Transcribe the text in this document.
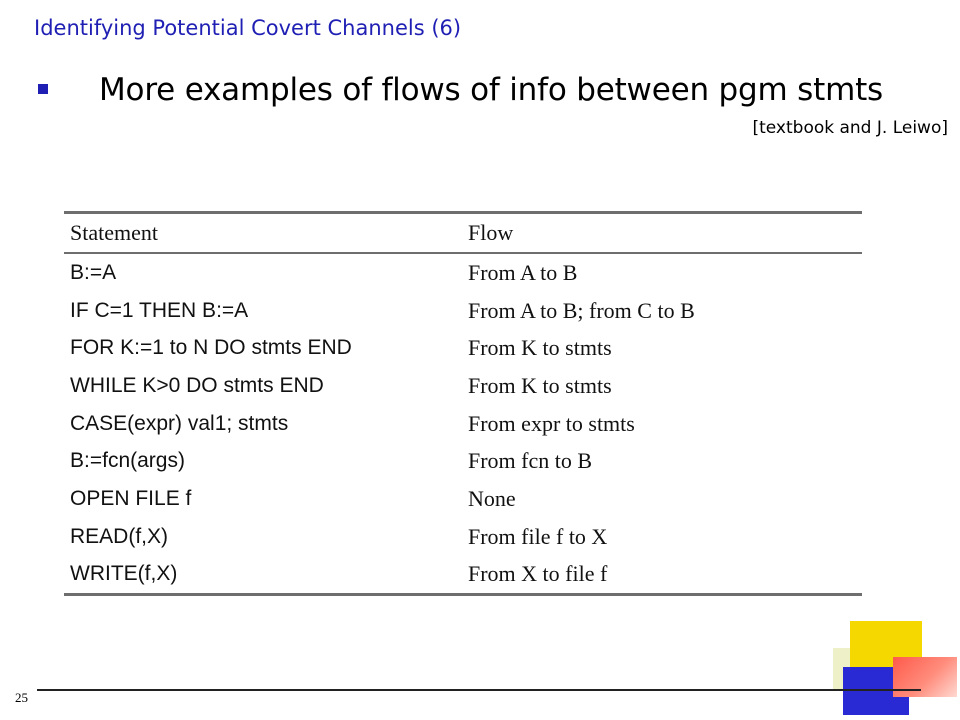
Identifying Potential Covert Channels (6)
More examples of flows of info between pgm stmts
[textbook and J. Leiwo]
Statement	Flow
B:=A	From A to B
IF C=1 THEN B:=A	From A to B; from C to B
FOR K:=1 to N DO stmts END	From K to stmts
WHILE K>0 DO stmts END	From K to stmts
CASE(expr) val1; stmts	From expr to stmts
B:=fcn(args)	From fcn to B
OPEN FILE f	None
READ(f,X)	From file f to X
WRITE(f,X)	From X to file f
25
